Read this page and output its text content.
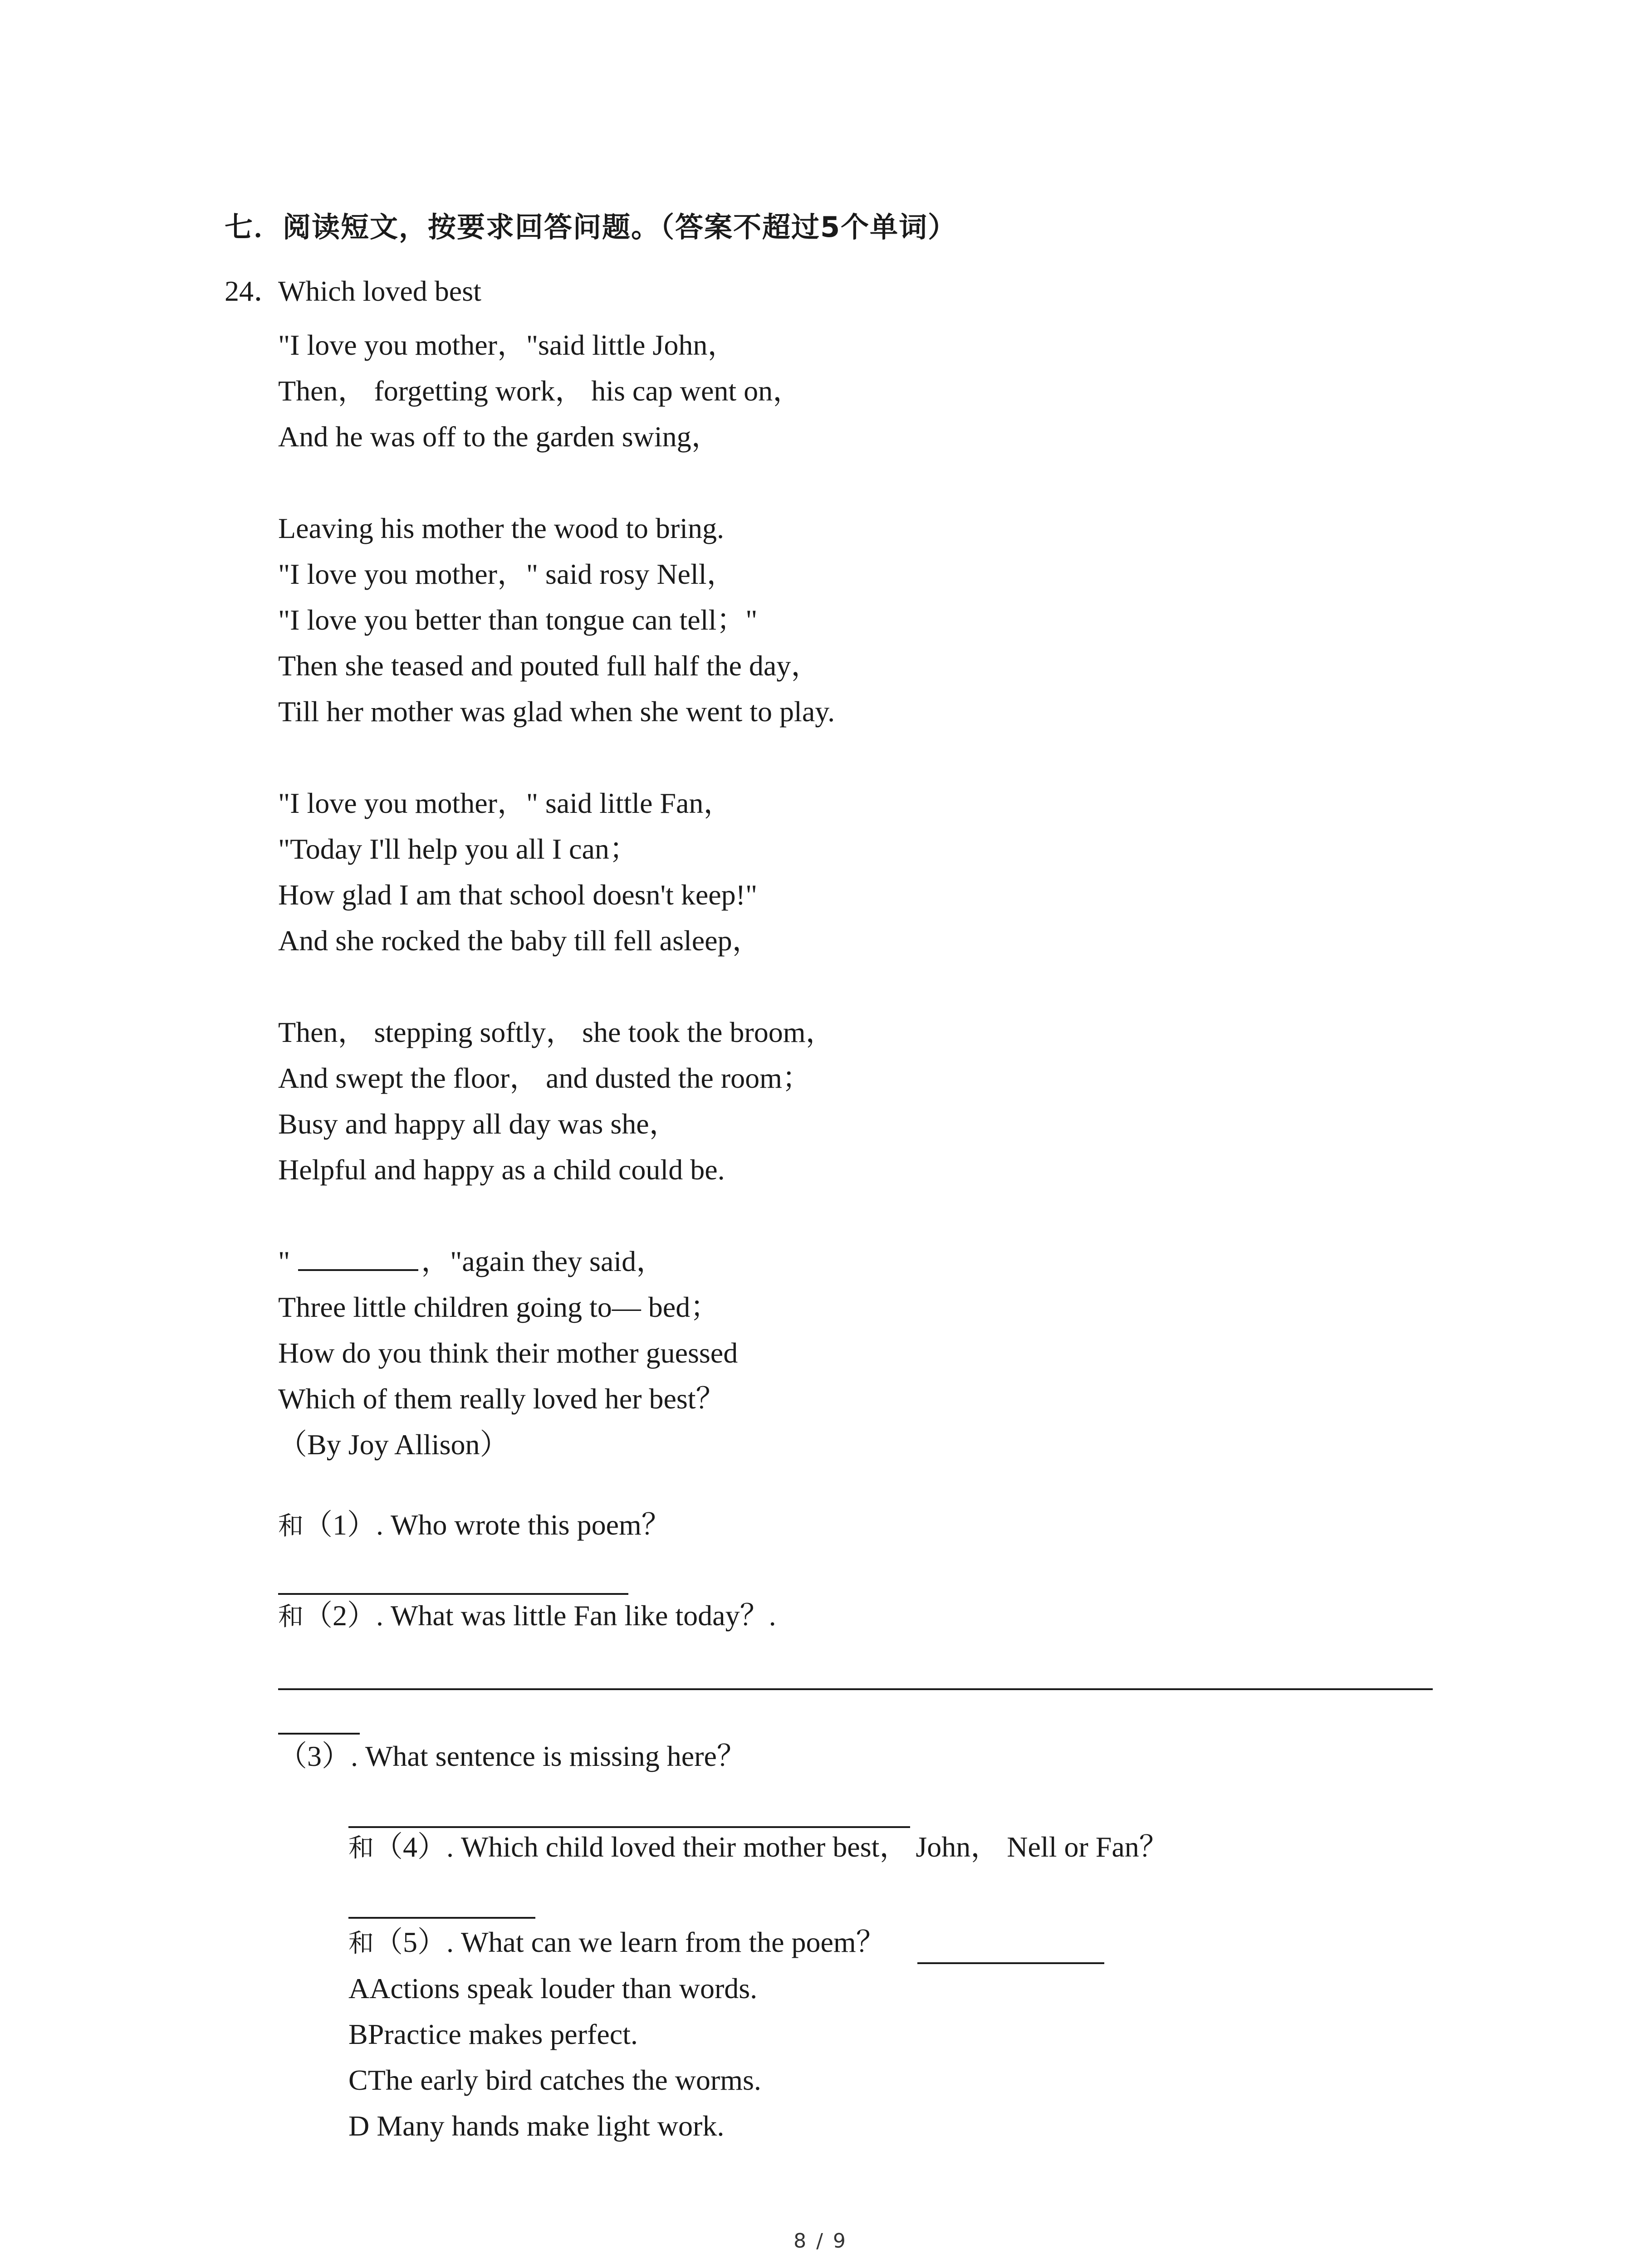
七．阅读短文，按要求回答问题。（答案不超过5个单词）
24．
Which loved best
"I love you mother，"said little John，
Then， forgetting work， his cap went on，
And he was off to the garden swing，
Leaving his mother the wood to bring.
"I love you mother，" said rosy Nell，
"I love you better than tongue can tell；"
Then she teased and pouted full half the day，
Till her mother was glad when she went to play.
"I love you mother，" said little Fan，
"Today I'll help you all I can；
How glad I am that school doesn't keep!"
And she rocked the baby till fell asleep，
Then， stepping softly， she took the broom，
And swept the floor， and dusted the room；
Busy and happy all day was she，
Helpful and happy as a child could be.
"	，"again they said，
Three little children going to— bed；
How do you think their mother guessed
Which of them really loved her best？
（By Joy Allison）
和（1）. Who wrote this poem？
和（2）. What was little Fan like today？.
（3）. What sentence is missing here？
和（4）. Which child loved their mother best， John， Nell or Fan？
和（5）. What can we learn from the poem？
AActions speak louder than words.
BPractice makes perfect.
CThe early bird catches the worms.
D Many hands make light work.
8 / 9
